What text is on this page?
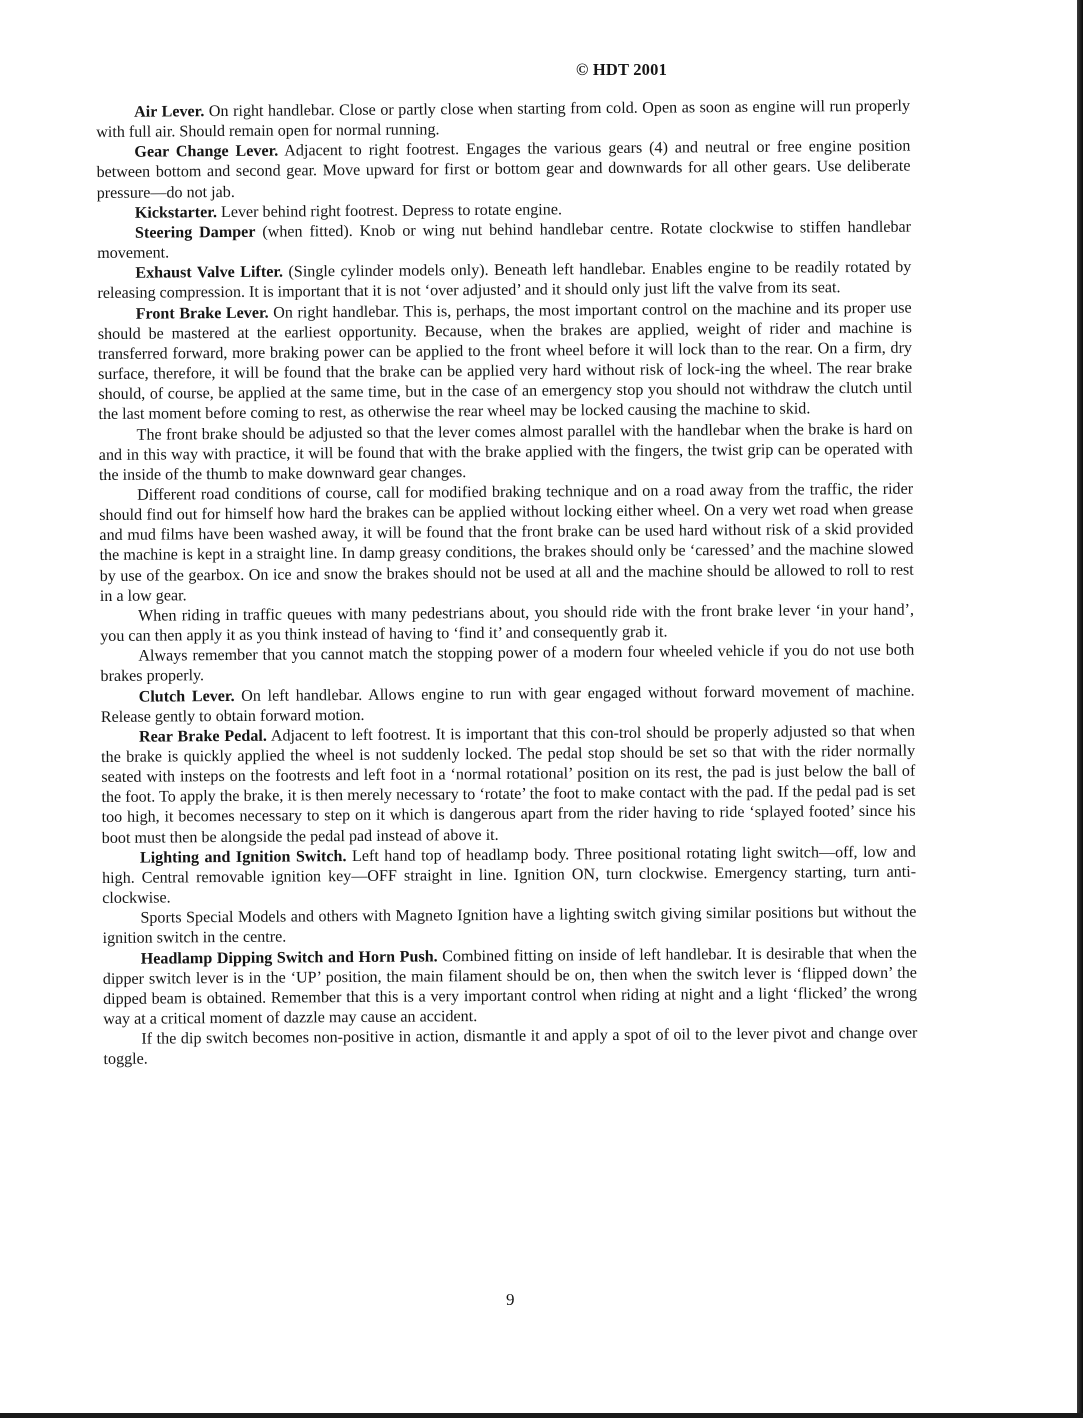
© HDT 2001

Air Lever. On right handlebar. Close or partly close when starting from cold. Open as soon as engine will run properly with full air. Should remain open for normal running.

Gear Change Lever. Adjacent to right footrest. Engages the various gears (4) and neutral or free engine position between bottom and second gear. Move upward for first or bottom gear and downwards for all other gears. Use deliberate pressure—do not jab.

Kickstarter. Lever behind right footrest. Depress to rotate engine.

Steering Damper (when fitted). Knob or wing nut behind handlebar centre. Rotate clockwise to stiffen handlebar movement.

Exhaust Valve Lifter. (Single cylinder models only). Beneath left handlebar. Enables engine to be readily rotated by releasing compression. It is important that it is not ‘over adjusted’ and it should only just lift the valve from its seat.

Front Brake Lever. On right handlebar. This is, perhaps, the most important control on the machine and its proper use should be mastered at the earliest opportunity. Because, when the brakes are applied, weight of rider and machine is transferred forward, more braking power can be applied to the front wheel before it will lock than to the rear. On a firm, dry surface, therefore, it will be found that the brake can be applied very hard without risk of lock-ing the wheel. The rear brake should, of course, be applied at the same time, but in the case of an emergency stop you should not withdraw the clutch until the last moment before coming to rest, as otherwise the rear wheel may be locked causing the machine to skid.

The front brake should be adjusted so that the lever comes almost parallel with the handlebar when the brake is hard on and in this way with practice, it will be found that with the brake applied with the fingers, the twist grip can be operated with the inside of the thumb to make downward gear changes.

Different road conditions of course, call for modified braking technique and on a road away from the traffic, the rider should find out for himself how hard the brakes can be applied without locking either wheel. On a very wet road when grease and mud films have been washed away, it will be found that the front brake can be used hard without risk of a skid provided the machine is kept in a straight line. In damp greasy conditions, the brakes should only be ‘caressed’ and the machine slowed by use of the gearbox. On ice and snow the brakes should not be used at all and the machine should be allowed to roll to rest in a low gear.

When riding in traffic queues with many pedestrians about, you should ride with the front brake lever ‘in your hand’, you can then apply it as you think instead of having to ‘find it’ and consequently grab it.

Always remember that you cannot match the stopping power of a modern four wheeled vehicle if you do not use both brakes properly.

Clutch Lever. On left handlebar. Allows engine to run with gear engaged without forward movement of machine. Release gently to obtain forward motion.

Rear Brake Pedal. Adjacent to left footrest. It is important that this con-trol should be properly adjusted so that when the brake is quickly applied the wheel is not suddenly locked. The pedal stop should be set so that with the rider normally seated with insteps on the footrests and left foot in a ‘normal rotational’ position on its rest, the pad is just below the ball of the foot. To apply the brake, it is then merely necessary to ‘rotate’ the foot to make contact with the pad. If the pedal pad is set too high, it becomes necessary to step on it which is dangerous apart from the rider having to ride ‘splayed footed’ since his boot must then be alongside the pedal pad instead of above it.

Lighting and Ignition Switch. Left hand top of headlamp body. Three positional rotating light switch—off, low and high. Central removable ignition key—OFF straight in line. Ignition ON, turn clockwise. Emergency starting, turn anti-clockwise.

Sports Special Models and others with Magneto Ignition have a lighting switch giving similar positions but without the ignition switch in the centre.

Headlamp Dipping Switch and Horn Push. Combined fitting on inside of left handlebar. It is desirable that when the dipper switch lever is in the ‘UP’ position, the main filament should be on, then when the switch lever is ‘flipped down’ the dipped beam is obtained. Remember that this is a very important control when riding at night and a light ‘flicked’ the wrong way at a critical moment of dazzle may cause an accident.

If the dip switch becomes non-positive in action, dismantle it and apply a spot of oil to the lever pivot and change over toggle.

9
